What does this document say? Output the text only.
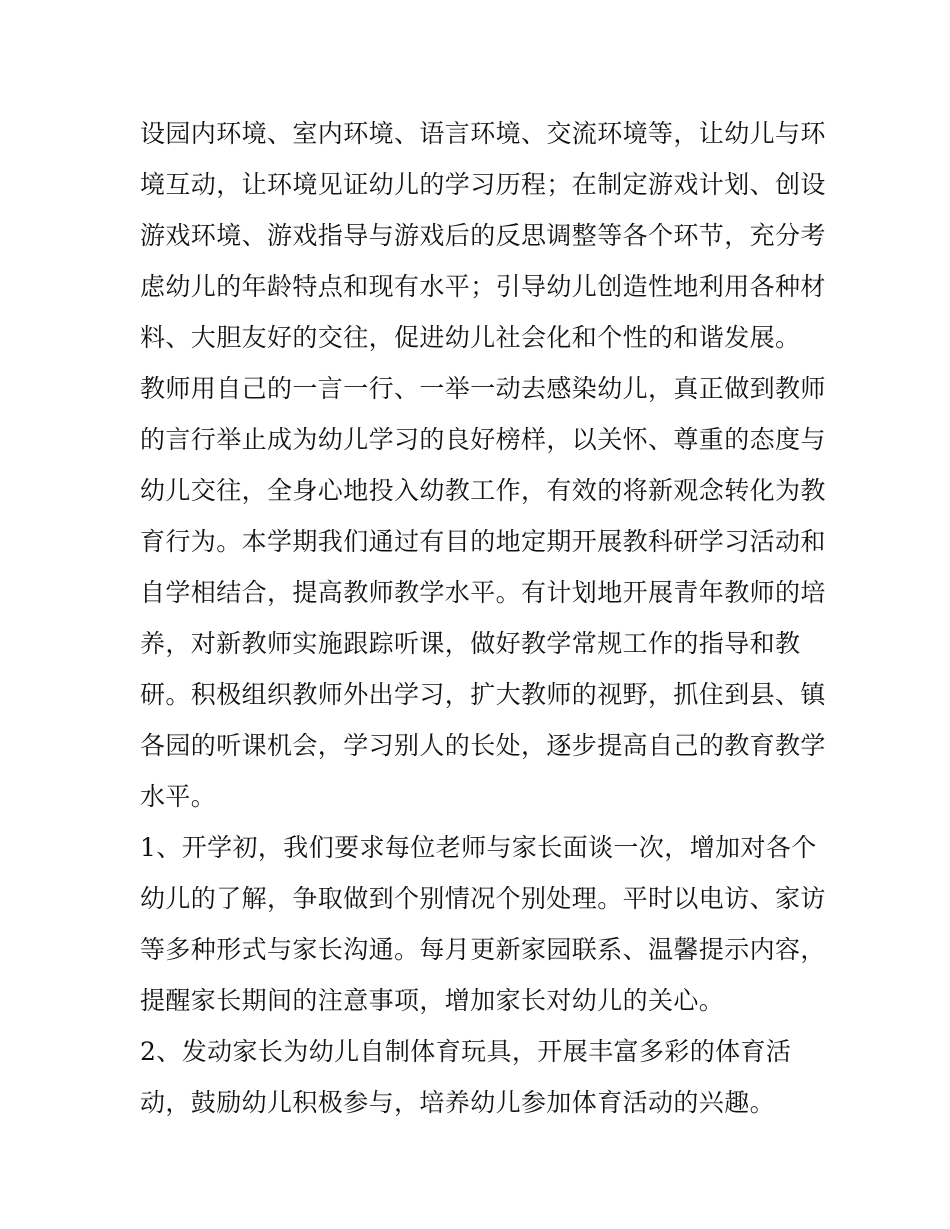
设园内环境、室内环境、语言环境、交流环境等，让幼儿与环
境互动，让环境见证幼儿的学习历程；在制定游戏计划、创设
游戏环境、游戏指导与游戏后的反思调整等各个环节，充分考
虑幼儿的年龄特点和现有水平；引导幼儿创造性地利用各种材
料、大胆友好的交往，促进幼儿社会化和个性的和谐发展。
教师用自己的一言一行、一举一动去感染幼儿，真正做到教师
的言行举止成为幼儿学习的良好榜样，以关怀、尊重的态度与
幼儿交往，全身心地投入幼教工作，有效的将新观念转化为教
育行为。本学期我们通过有目的地定期开展教科研学习活动和
自学相结合，提高教师教学水平。有计划地开展青年教师的培
养，对新教师实施跟踪听课，做好教学常规工作的指导和教
研。积极组织教师外出学习，扩大教师的视野，抓住到县、镇
各园的听课机会，学习别人的长处，逐步提高自己的教育教学
水平。
1、开学初，我们要求每位老师与家长面谈一次，增加对各个
幼儿的了解，争取做到个别情况个别处理。平时以电访、家访
等多种形式与家长沟通。每月更新家园联系、温馨提示内容，
提醒家长期间的注意事项，增加家长对幼儿的关心。
2、发动家长为幼儿自制体育玩具，开展丰富多彩的体育活
动，鼓励幼儿积极参与，培养幼儿参加体育活动的兴趣。
